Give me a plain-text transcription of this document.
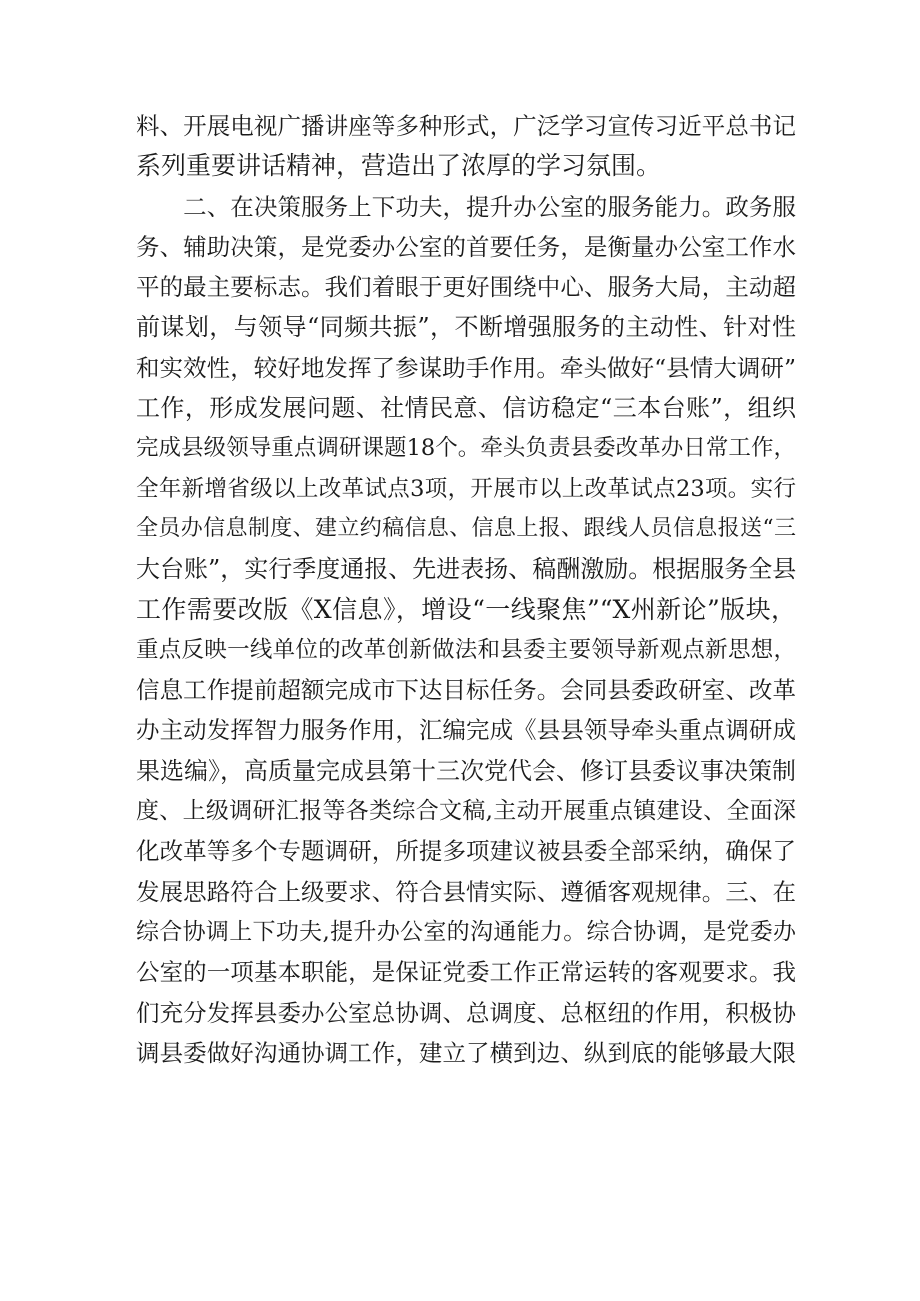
料、开展电视广播讲座等多种形式，广泛学习宣传习近平总书记
系列重要讲话精神，营造出了浓厚的学习氛围。
　　二、在决策服务上下功夫，提升办公室的服务能力。政务服
务、辅助决策，是党委办公室的首要任务，是衡量办公室工作水
平的最主要标志。我们着眼于更好围绕中心、服务大局，主动超
前谋划，与领导“同频共振”，不断增强服务的主动性、针对性
和实效性，较好地发挥了参谋助手作用。牵头做好“县情大调研”
工作，形成发展问题、社情民意、信访稳定“三本台账”，组织
完成县级领导重点调研课题18个。牵头负责县委改革办日常工作，
全年新增省级以上改革试点3项，开展市以上改革试点23项。实行
全员办信息制度、建立约稿信息、信息上报、跟线人员信息报送“三
大台账”，实行季度通报、先进表扬、稿酬激励。根据服务全县
工作需要改版《X信息》，增设“一线聚焦”“X州新论”版块，
重点反映一线单位的改革创新做法和县委主要领导新观点新思想，
信息工作提前超额完成市下达目标任务。会同县委政研室、改革
办主动发挥智力服务作用，汇编完成《县县领导牵头重点调研成
果选编》，高质量完成县第十三次党代会、修订县委议事决策制
度、上级调研汇报等各类综合文稿,主动开展重点镇建设、全面深
化改革等多个专题调研，所提多项建议被县委全部采纳，确保了
发展思路符合上级要求、符合县情实际、遵循客观规律。三、在
综合协调上下功夫,提升办公室的沟通能力。综合协调，是党委办
公室的一项基本职能，是保证党委工作正常运转的客观要求。我
们充分发挥县委办公室总协调、总调度、总枢纽的作用，积极协
调县委做好沟通协调工作，建立了横到边、纵到底的能够最大限
